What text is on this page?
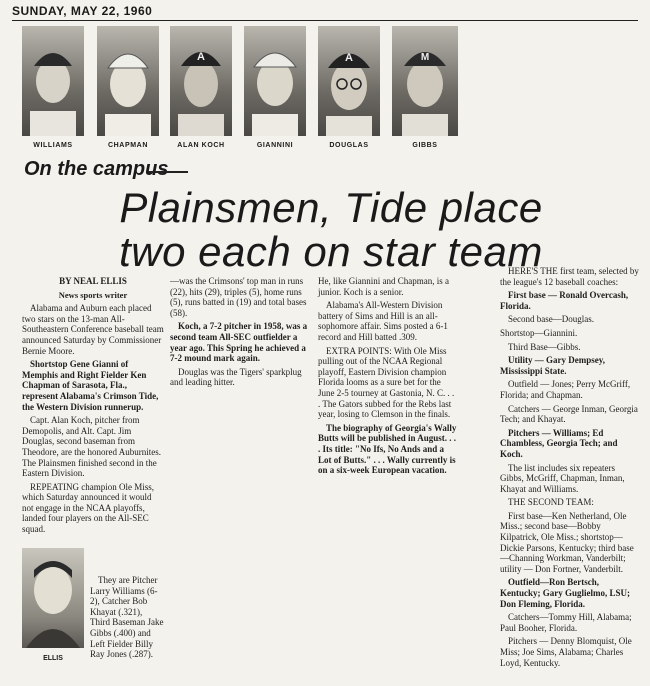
SUNDAY, MAY 22, 1960
A	A	M
WILLIAMS	CHAPMAN	ALAN KOCH	GIANNINI	DOUGLAS	GIBBS
On the campus
Plainsmen, Tide place
two each on star team

BY NEAL ELLIS

News sports writer

Alabama and Auburn each placed two stars on the 13-man All-Southeastern Conference baseball team announced Saturday by Commissioner Bernie Moore.

Shortstop Gene Gianni of Memphis and Right Fielder Ken Chapman of Sarasota, Fla., represent Alabama's Crimson Tide, the Western Division runnerup.

Capt. Alan Koch, pitcher from Demopolis, and Alt. Capt. Jim Douglas, second baseman from Theodore, are the honored Auburnites. The Plainsmen finished second in the Eastern Division.

REPEATING champion Ole Miss, which Saturday announced it would not engage in the NCAA playoffs, landed four players on the All-SEC squad.

They are Pitcher Larry Williams (6-2), Catcher Bob Khayat (.321), Third Baseman Jake Gibbs (.400) and Left Fielder Billy Ray Jones (.287).

ELLIS

—was the Crimsons' top man in runs (22), hits (29), triples (5), home runs (5), runs batted in (19) and total bases (58).

Koch, a 7-2 pitcher in 1958, was a second team All-SEC outfielder a year ago. This Spring he achieved a 7-2 mound mark again.

Douglas was the Tigers' sparkplug and leading hitter.

He, like Giannini and Chapman, is a junior. Koch is a senior.

Alabama's All-Western Division battery of Sims and Hill is an all-sophomore affair. Sims posted a 6-1 record and Hill batted .309.

EXTRA POINTS: With Ole Miss pulling out of the NCAA Regional playoff, Eastern Division champion Florida looms as a sure bet for the June 2-5 tourney at Gastonia, N. C. . . . The Gators subbed for the Rebs last year, losing to Clemson in the finals.

The biography of Georgia's Wally Butts will be published in August. . . . Its title: "No Ifs, No Ands and a Lot of Butts." . . . Wally currently is on a six-week European vacation.

HERE'S THE first team, selected by the league's 12 baseball coaches:

First base — Ronald Overcash, Florida.

Second base—Douglas.

Shortstop—Giannini.

Third Base—Gibbs.

Utility — Gary Dempsey, Mississippi State.

Outfield — Jones; Perry McGriff, Florida; and Chapman.

Catchers — George Inman, Georgia Tech; and Khayat.

Pitchers — Williams; Ed Chambless, Georgia Tech; and Koch.

The list includes six repeaters Gibbs, McGriff, Chapman, Inman, Khayat and Williams.

THE SECOND TEAM:

First base—Ken Netherland, Ole Miss.; second base—Bobby Kilpatrick, Ole Miss.; shortstop—Dickie Parsons, Kentucky; third base—Channing Workman, Vanderbilt; utility — Don Fortner, Vanderbilt.

Outfield—Ron Bertsch, Kentucky; Gary Guglielmo, LSU; Don Fleming, Florida.

Catchers—Tommy Hill, Alabama; Paul Booher, Florida.

Pitchers — Denny Blomquist, Ole Miss; Joe Sims, Alabama; Charles Loyd, Kentucky.
